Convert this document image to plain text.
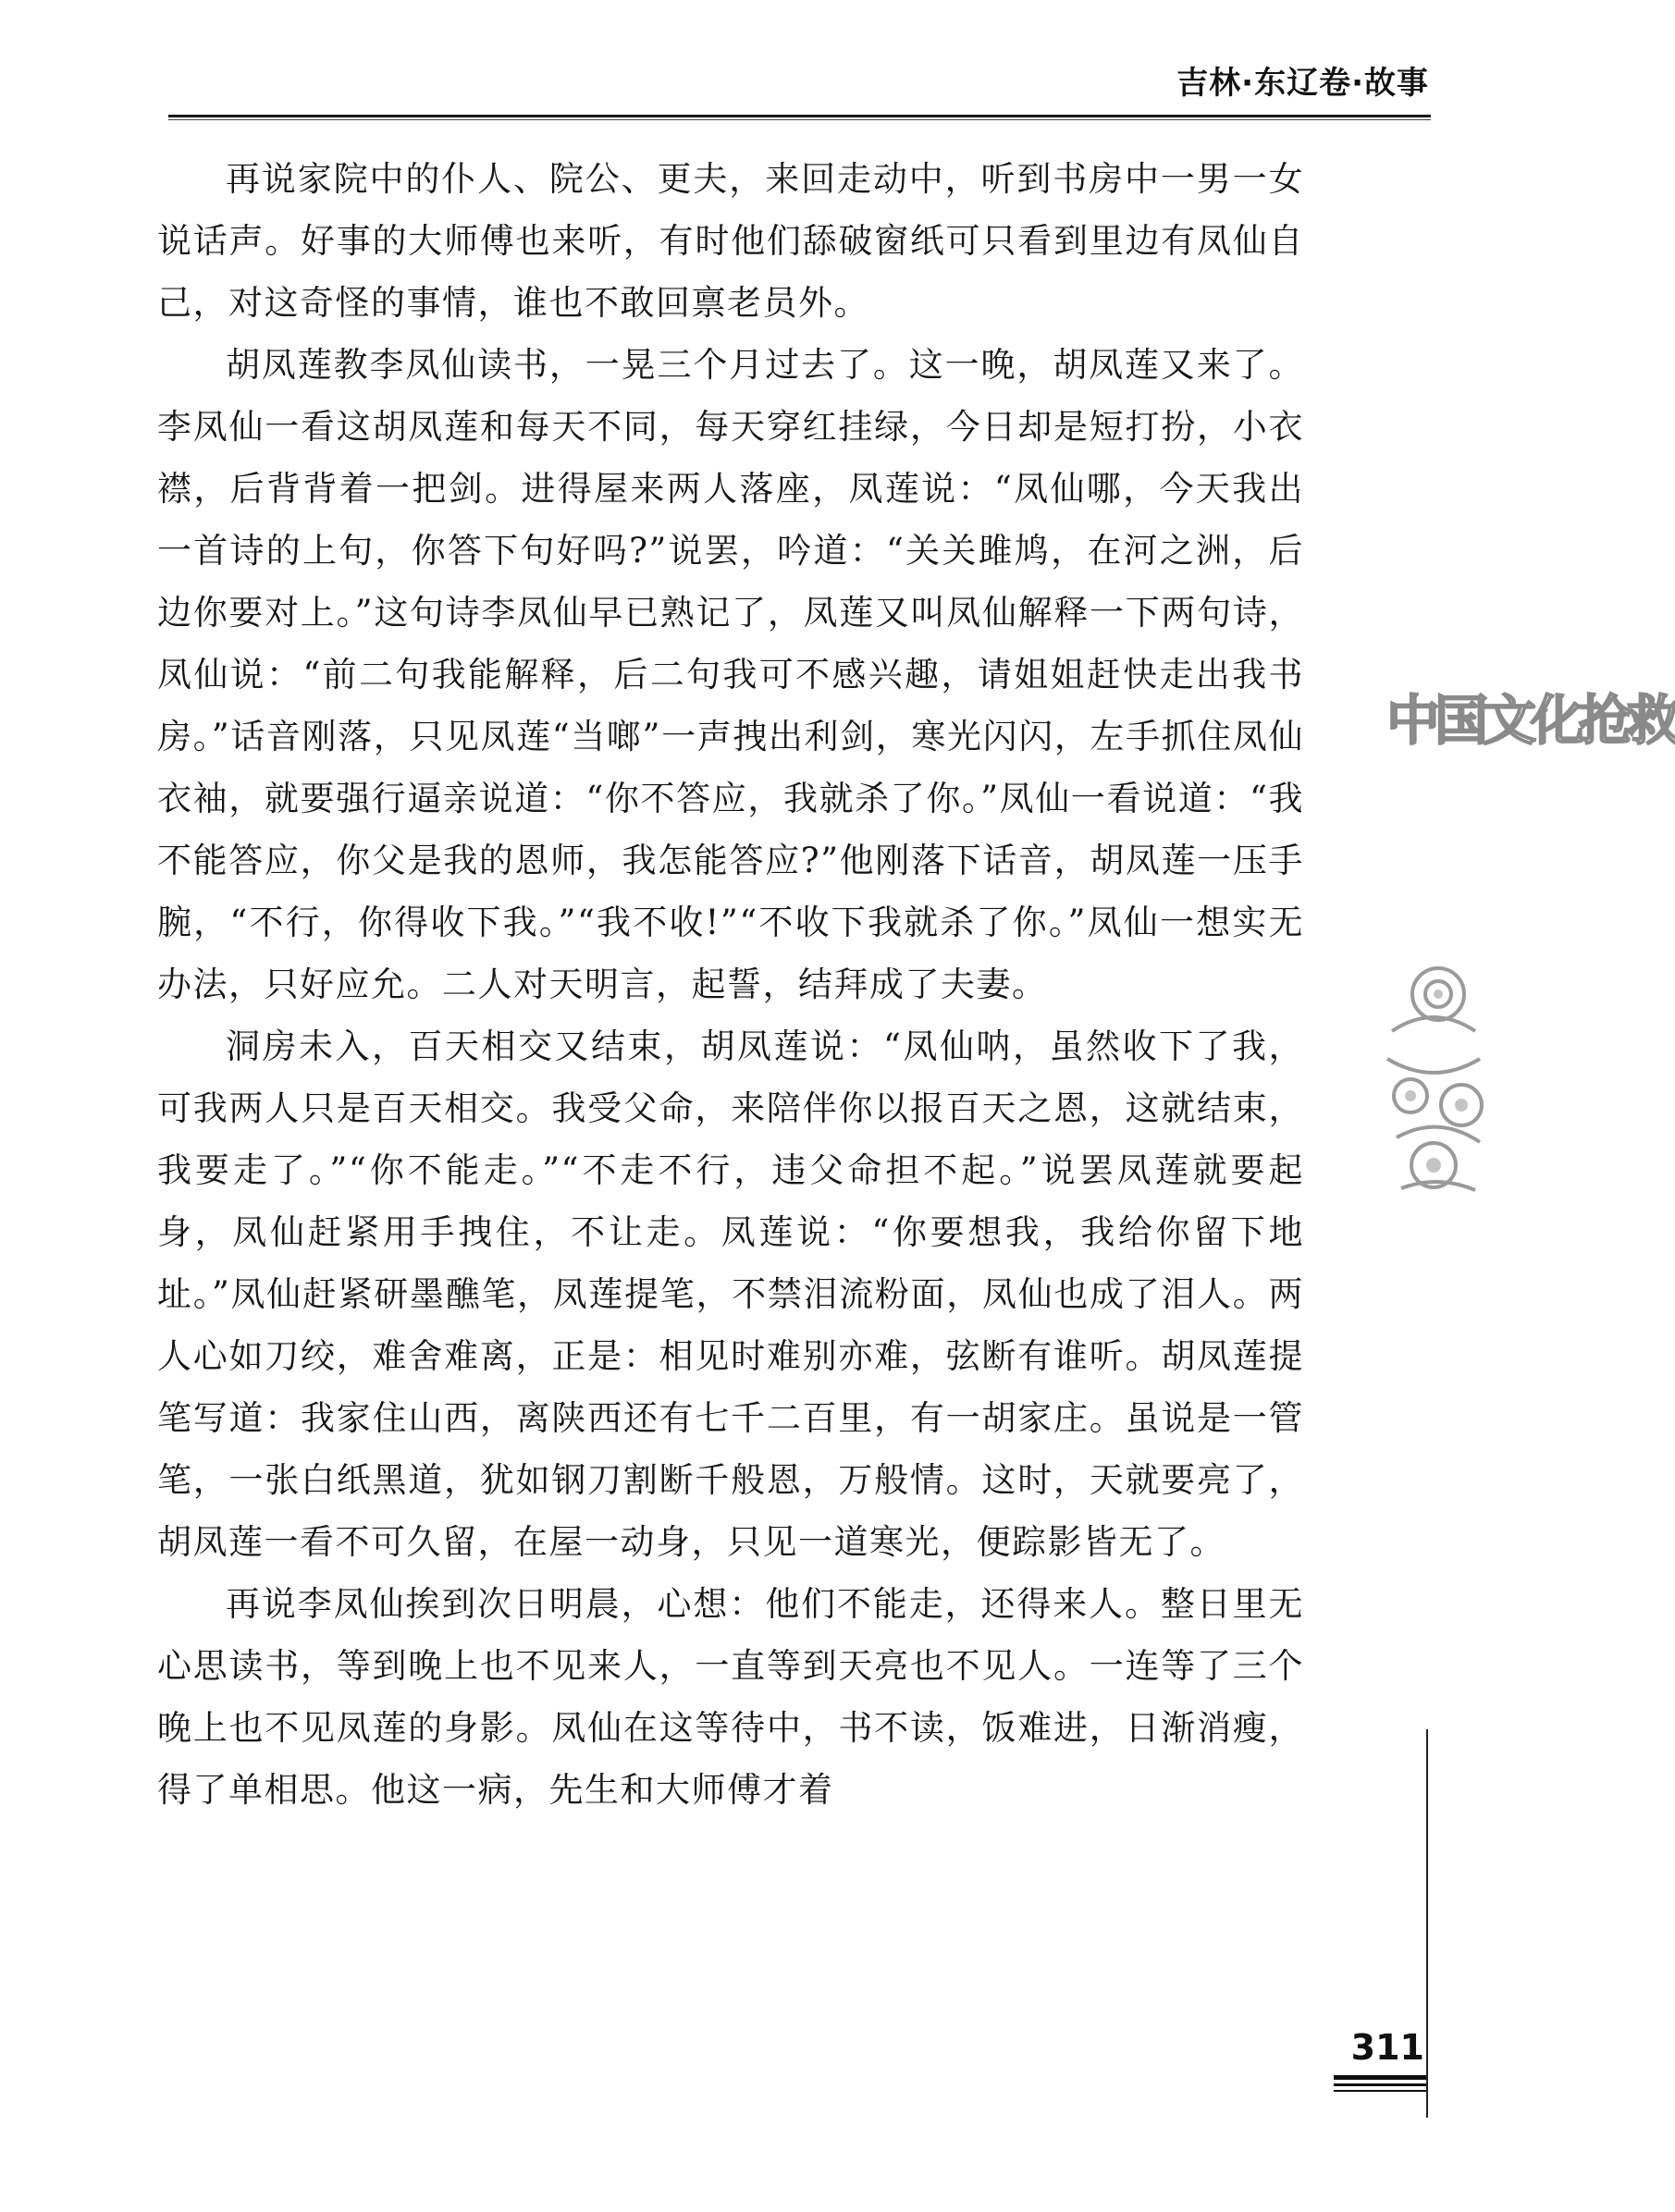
吉林·东辽卷·故事

再说家院中的仆人、院公、更夫，来回走动中，听到书房中一男一女说话声。好事的大师傅也来听，有时他们舔破窗纸可只看到里边有凤仙自己，对这奇怪的事情，谁也不敢回禀老员外。

胡凤莲教李凤仙读书，一晃三个月过去了。这一晚，胡凤莲又来了。李凤仙一看这胡凤莲和每天不同，每天穿红挂绿，今日却是短打扮，小衣襟，后背背着一把剑。进得屋来两人落座，凤莲说：“凤仙哪，今天我出一首诗的上句，你答下句好吗?”说罢，吟道：“关关雎鸠，在河之洲，后边你要对上。”这句诗李凤仙早已熟记了，凤莲又叫凤仙解释一下两句诗，凤仙说：“前二句我能解释，后二句我可不感兴趣，请姐姐赶快走出我书房。”话音刚落，只见凤莲“当啷”一声拽出利剑，寒光闪闪，左手抓住凤仙衣袖，就要强行逼亲说道：“你不答应，我就杀了你。”凤仙一看说道：“我不能答应，你父是我的恩师，我怎能答应?”他刚落下话音，胡凤莲一压手腕，“不行，你得收下我。”“我不收!”“不收下我就杀了你。”凤仙一想实无办法，只好应允。二人对天明言，起誓，结拜成了夫妻。

洞房未入，百天相交又结束，胡凤莲说：“凤仙呐，虽然收下了我，可我两人只是百天相交。我受父命，来陪伴你以报百天之恩，这就结束，我要走了。”“你不能走。”“不走不行，违父命担不起。”说罢凤莲就要起身，凤仙赶紧用手拽住，不让走。凤莲说：“你要想我，我给你留下地址。”凤仙赶紧研墨醮笔，凤莲提笔，不禁泪流粉面，凤仙也成了泪人。两人心如刀绞，难舍难离，正是：相见时难别亦难，弦断有谁听。胡凤莲提笔写道：我家住山西，离陕西还有七千二百里，有一胡家庄。虽说是一管笔，一张白纸黑道，犹如钢刀割断千般恩，万般情。这时，天就要亮了，胡凤莲一看不可久留，在屋一动身，只见一道寒光，便踪影皆无了。

再说李凤仙挨到次日明晨，心想：他们不能走，还得来人。整日里无心思读书，等到晚上也不见来人，一直等到天亮也不见人。一连等了三个晚上也不见凤莲的身影。凤仙在这等待中，书不读，饭难进，日渐消瘦，得了单相思。他这一病，先生和大师傅才着

中国文化抢救
311
